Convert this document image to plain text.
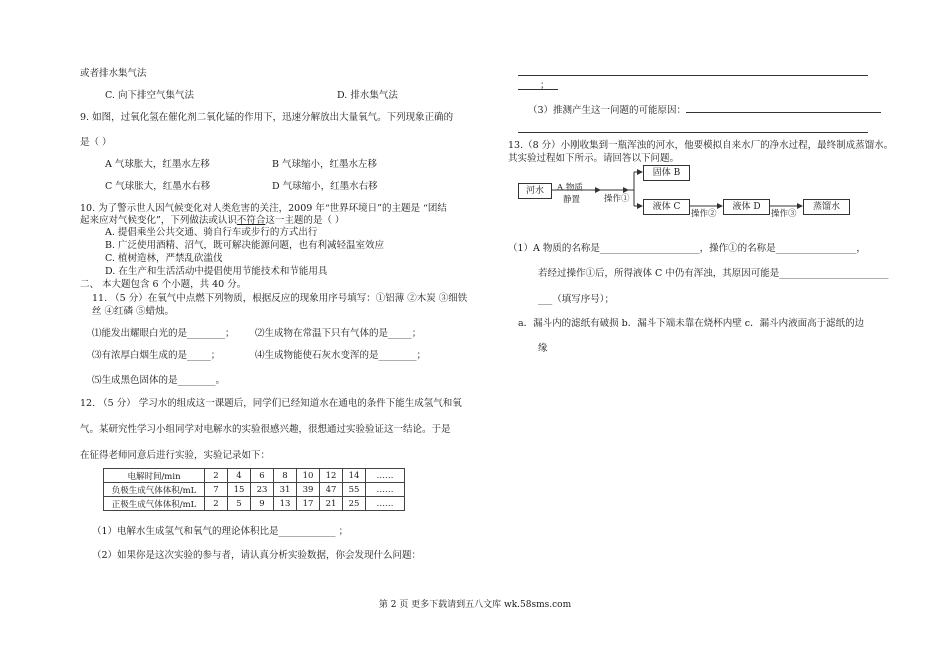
或者排水集气法
C. 向下排空气集气法	D. 排水集气法
9. 如图，过氧化氢在催化剂二氧化锰的作用下，迅速分解放出大量氧气。下列现象正确的
是（ ）
A 气球胀大，红墨水左移	B 气球缩小，红墨水左移
C 气球胀大，红墨水右移	D 气球缩小，红墨水右移
10. 为了警示世人因气候变化对人类危害的关注，2009 年“世界环境日”的主题是 “团结
起来应对气候变化”，下列做法或认识不符合这一主题的是（ ）
A. 提倡乘坐公共交通、骑自行车或步行的方式出行
B. 广泛使用酒精、沼气，既可解决能源问题，也有利减轻温室效应
C. 植树造林，严禁乱砍滥伐
D. 在生产和生活活动中提倡使用节能技术和节能用具
二、 本大题包含 6 个小题，共 40 分。
11. （5 分）在氧气中点燃下列物质，根据反应的现象用序号填写：①铝薄 ②木炭 ③细铁
丝 ④红磷 ⑤蜡烛。
⑴能发出耀眼白光的是________； ⑵生成物在常温下只有气体的是_____；
⑶有浓厚白烟生成的是_____；	⑷生成物能使石灰水变浑的是________；
⑸生成黑色固体的是________。
12. （5 分） 学习水的组成这一课题后，同学们已经知道水在通电的条件下能生成氢气和氧
气。某研究性学习小组同学对电解水的实验很感兴趣，很想通过实验验证这一结论。于是
在征得老师同意后进行实验，实验记录如下：
（1）电解水生成氢气和氧气的理论体积比是____________ ；
（2）如果你是这次实验的参与者，请认真分析实验数据，你会发现什么问题：
电解时间/min	2	4	6	8	10	12	14	……
负极生成气体体积/mL	7	15	23	31	39	47	55	……
正极生成气体体积/mL	2	5	9	13	17	21	25	……
；
（3）推测产生这一问题的可能原因：
13.（8 分）小刚收集到一瓶浑浊的河水，他要模拟自来水厂的净水过程，最终制成蒸馏水。
其实验过程如下所示。请回答以下问题。
河水	A 物质
静置	操作①
固体 B
液体 C
操作②
液体 D
操作③
蒸馏水
（1）A 物质的名称是_____________________，操作①的名称是_________________，
若经过操作①后，所得液体 C 中仍有浑浊，其原因可能是_______________________
___（填写序号）；
a．漏斗内的滤纸有破损 b．漏斗下端未靠在烧杯内壁 c．漏斗内液面高于滤纸的边
缘
第 2 页 更多下载请到五八文库 wk.58sms.com
